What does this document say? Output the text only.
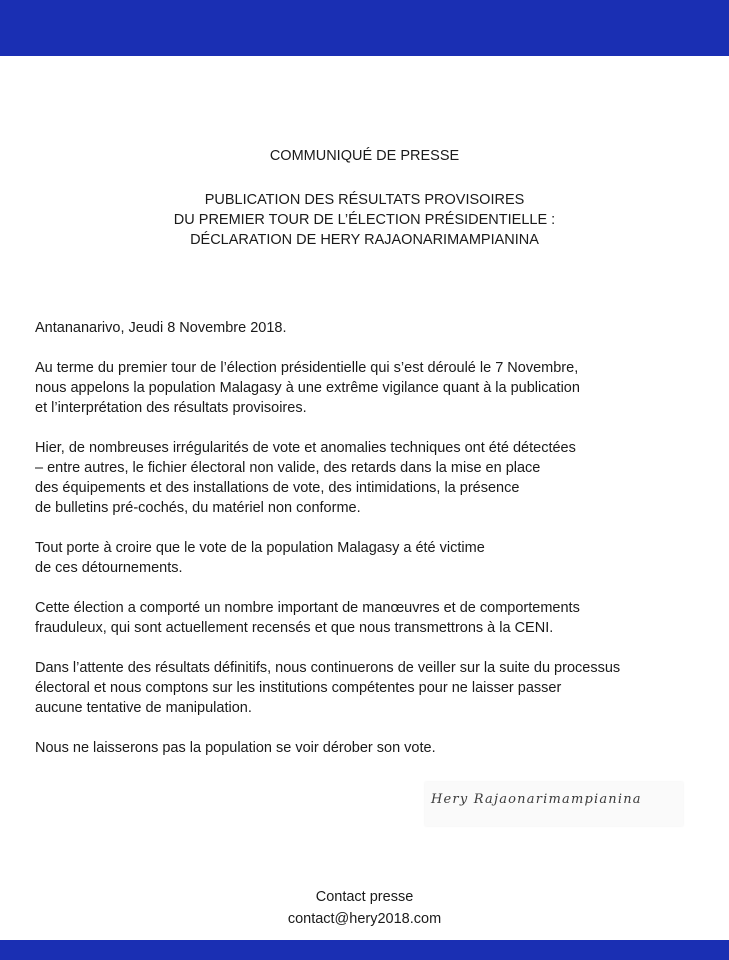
COMMUNIQUÉ DE PRESSE

PUBLICATION DES RÉSULTATS PROVISOIRES
DU PREMIER TOUR DE L’ÉLECTION PRÉSIDENTIELLE :
DÉCLARATION DE HERY RAJAONARIMAMPIANINA

Antananarivo, Jeudi 8 Novembre 2018.

Au terme du premier tour de l’élection présidentielle qui s’est déroulé le 7 Novembre,
nous appelons la population Malagasy à une extrême vigilance quant à la publication
et l’interprétation des résultats provisoires.

Hier, de nombreuses irrégularités de vote et anomalies techniques ont été détectées
– entre autres, le fichier électoral non valide, des retards dans la mise en place
des équipements et des installations de vote, des intimidations, la présence
de bulletins pré-cochés, du matériel non conforme.

Tout porte à croire que le vote de la population Malagasy a été victime
de ces détournements.

Cette élection a comporté un nombre important de manœuvres et de comportements
frauduleux, qui sont actuellement recensés et que nous transmettrons à la CENI.

Dans l’attente des résultats définitifs, nous continuerons de veiller sur la suite du processus
électoral et nous comptons sur les institutions compétentes pour ne laisser passer
aucune tentative de manipulation.

Nous ne laisserons pas la population se voir dérober son vote.

Hery Rajaonarimampianina
Contact presse
contact@hery2018.com
